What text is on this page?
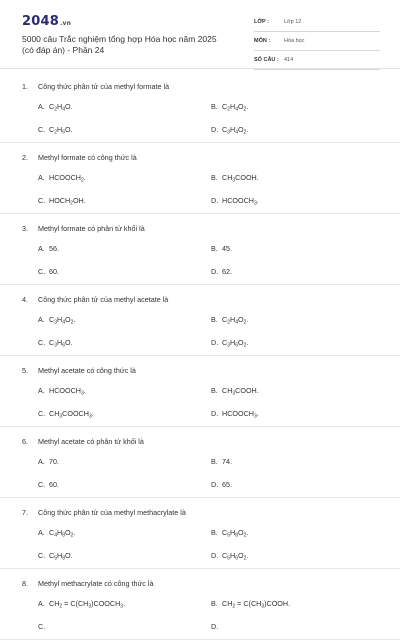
2048.vn
5000 câu Trắc nghiệm tổng hợp Hóa học năm 2025 (có đáp án) - Phần 24
LỚP :	Lớp 12
MÔN :	Hóa học
SỐ CÂU : 414
1. Công thức phân tử của methyl formate là
A. $C_2H_4O$.	B. $C_2H_4O_2$.
C. $C_2H_6O$.	D. $C_3H_4O_2$.
2. Methyl formate có công thức là
A. $HCOOCH_2$.	B. $CH_3COOH$.
C. $HOCH_2OH$.	D. $HCOOCH_3$.
3. Methyl formate có phân tử khối là
A. 56.	B. 45.
C. 60.	D. 62.
4. Công thức phân tử của methyl acetate là
A. $C_3H_4O_2$.	B. $C_2H_4O_2$.
C. $C_3H_6O$.	D. $C_3H_6O_2$.
5. Methyl acetate có công thức là
A. $HCOOCH_3$.	B. $CH_3COOH$.
C. $CH_3COOCH_3$.	D. $HCOOCH_3$.
6. Methyl acetate có phân tử khối là
A. 70.	B. 74.
C. 60.	D. 65.
7. Công thức phân tử của methyl methacrylate là
A. $C_4H_8O_2$.	B. $C_5H_8O_2$.
C. $C_5H_8O$.	D. $C_5H_6O_2$.
8. Methyl methacrylate có công thức là
A. $CH_2$ = $C(CH_3)COOCH_3$.	B. $CH_2$ = $C(CH_3)COOH$.
C.	D.
